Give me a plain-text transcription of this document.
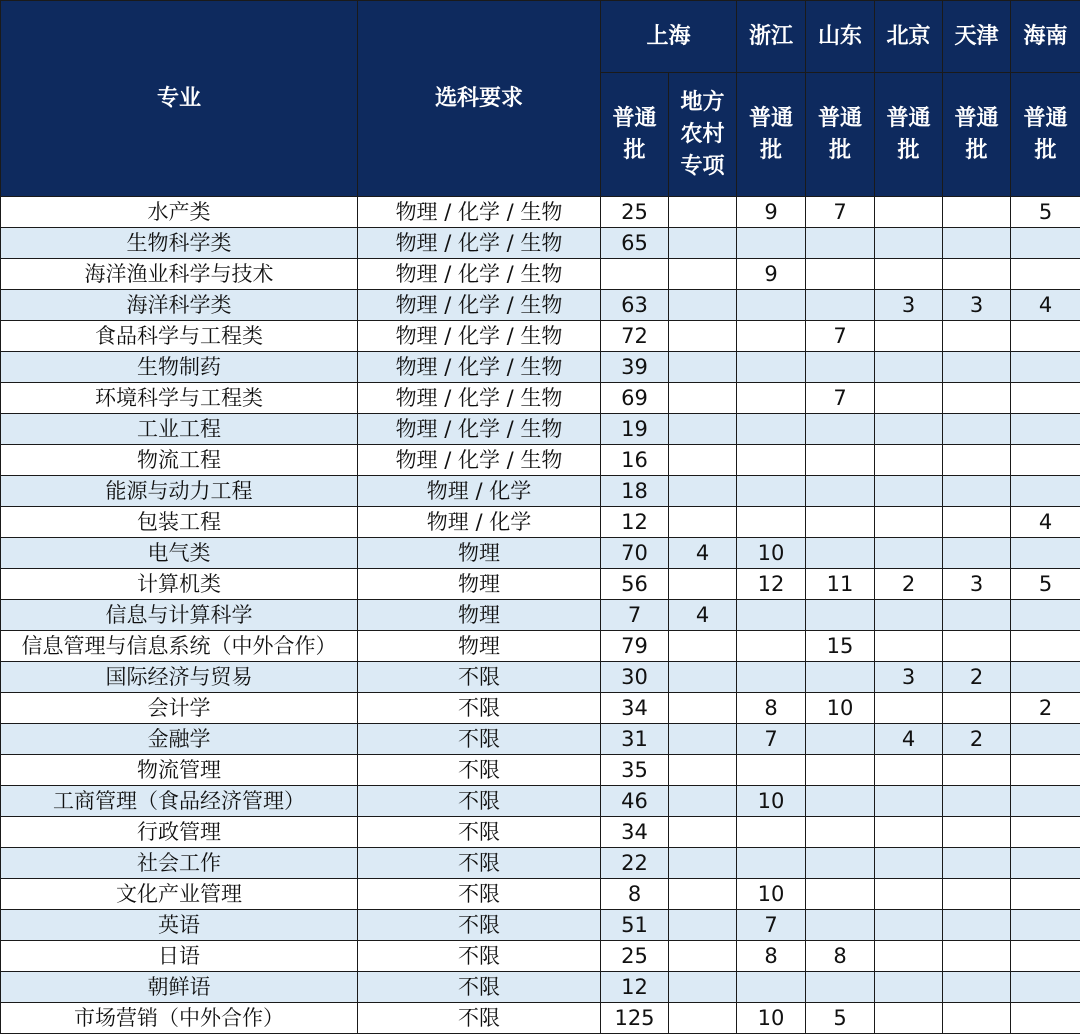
专业	选科要求	上海		浙江	山东	北京	天津	海南
		普通批	地方农村专项	普通批	普通批	普通批	普通批	普通批
水产类	物理 / 化学 / 生物	25		9	7			5
生物科学类	物理 / 化学 / 生物	65						
海洋渔业科学与技术	物理 / 化学 / 生物			9				
海洋科学类	物理 / 化学 / 生物	63				3	3	4
食品科学与工程类	物理 / 化学 / 生物	72			7			
生物制药	物理 / 化学 / 生物	39						
环境科学与工程类	物理 / 化学 / 生物	69			7			
工业工程	物理 / 化学 / 生物	19						
物流工程	物理 / 化学 / 生物	16						
能源与动力工程	物理 / 化学	18						
包装工程	物理 / 化学	12						4
电气类	物理	70	4	10				
计算机类	物理	56		12	11	2	3	5
信息与计算科学	物理	7	4					
信息管理与信息系统（中外合作）	物理	79			15			
国际经济与贸易	不限	30				3	2	
会计学	不限	34		8	10			2
金融学	不限	31		7		4	2	
物流管理	不限	35						
工商管理（食品经济管理）	不限	46		10				
行政管理	不限	34						
社会工作	不限	22						
文化产业管理	不限	8		10				
英语	不限	51		7				
日语	不限	25		8	8			
朝鲜语	不限	12						
市场营销（中外合作）	不限	125		10	5			
